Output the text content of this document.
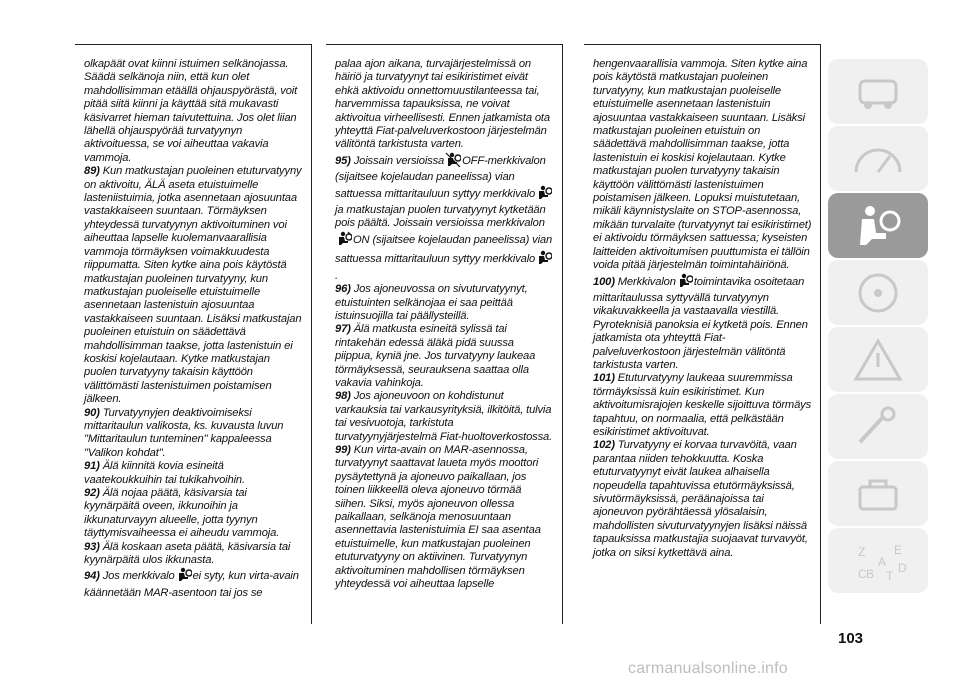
olkapäät ovat kiinni istuimen selkänojassa. Säädä selkänoja niin, että kun olet mahdollisimman etäällä ohjauspyörästä, voit pitää siitä kiinni ja käyttää sitä mukavasti käsivarret hieman taivutettuina. Jos olet liian lähellä ohjauspyörää turvatyynyn aktivoituessa, se voi aiheuttaa vakavia vammoja.

89) Kun matkustajan puoleinen etuturvatyyny on aktivoitu, ÄLÄ aseta etuistuimelle lasteniistuimia, jotka asennetaan ajosuuntaa vastakkaiseen suuntaan. Törmäyksen yhteydessä turvatyynyn aktivoituminen voi aiheuttaa lapselle kuolemanvaarallisia vammoja törmäyksen voimakkuudesta riippumatta. Siten kytke aina pois käytöstä matkustajan puoleinen turvatyyny, kun matkustajan puoleiselle etuistuimelle asennetaan lastenistuin ajosuuntaa vastakkaiseen suuntaan. Lisäksi matkustajan puoleinen etuistuin on säädettävä mahdollisimman taakse, jotta lastenistuin ei koskisi kojelautaan. Kytke matkustajan puolen turvatyyny takaisin käyttöön välittömästi lastenistuimen poistamisen jälkeen.

90) Turvatyynyjen deaktivoimiseksi mittaritaulun valikosta, ks. kuvausta luvun "Mittaritaulun tunteminen" kappaleessa "Valikon kohdat".

91) Älä kiinnitä kovia esineitä vaatekoukkuihin tai tukikahvoihin.

92) Älä nojaa päätä, käsivarsia tai kyynärpäitä oveen, ikkunoihin ja ikkunaturvayyn alueelle, jotta tyynyn täyttymisvaiheessa ei aiheudu vammoja.

93) Älä koskaan aseta päätä, käsivarsia tai kyynärpäitä ulos ikkunasta.

94) Jos merkkivalo ei syty, kun virta-avain käännetään MAR-asentoon tai jos se

palaa ajon aikana, turvajärjestelmissä on häiriö ja turvatyynyt tai esikiristimet eivät ehkä aktivoidu onnettomuustilanteessa tai, harvemmissa tapauksissa, ne voivat aktivoitua virheellisesti. Ennen jatkamista ota yhteyttä Fiat-palveluverkostoon järjestelmän välitöntä tarkistusta varten.

95) Joissain versioissa OFF-merkkivalon (sijaitsee kojelaudan paneelissa) vian sattuessa mittaritauluun syttyy merkkivalo ja matkustajan puolen turvatyynyt kytketään pois päältä. Joissain versioissa merkkivalonON (sijaitsee kojelaudan paneelissa) vian sattuessa mittaritauluun syttyy merkkivalo.

96) Jos ajoneuvossa on sivuturvatyynyt, etuistuinten selkänojaa ei saa peittää istuinsuojilla tai päällysteillä.

97) Älä matkusta esineitä sylissä tai rintakehän edessä äläkä pidä suussa piippua, kyniä jne. Jos turvatyyny laukeaa törmäyksessä, seurauksena saattaa olla vakavia vahinkoja.

98) Jos ajoneuvoon on kohdistunut varkauksia tai varkausyrityksiä, ilkitöitä, tulvia tai vesivuotoja, tarkistuta turvatyynyjärjestelmä Fiat-huoltoverkostossa.

99) Kun virta-avain on MAR-asennossa, turvatyynyt saattavat laueta myös moottori pysäytettynä ja ajoneuvo paikallaan, jos toinen liikkeellä oleva ajoneuvo törmää siihen. Siksi, myös ajoneuvon ollessa paikallaan, selkänoja menosuuntaan asennettavia lastenistuimia EI saa asentaa etuistuimelle, kun matkustajan puoleinen etuturvatyyny on aktiivinen. Turvatyynyn aktivoituminen mahdollisen törmäyksen yhteydessä voi aiheuttaa lapselle

hengenvaarallisia vammoja. Siten kytke aina pois käytöstä matkustajan puoleinen turvatyyny, kun matkustajan puoleiselle etuistuimelle asennetaan lastenistuin ajosuuntaa vastakkaiseen suuntaan. Lisäksi matkustajan puoleinen etuistuin on säädettävä mahdollisimman taakse, jotta lastenistuin ei koskisi kojelautaan. Kytke matkustajan puolen turvatyyny takaisin käyttöön välittömästi lastenistuimen poistamisen jälkeen. Lopuksi muistutetaan, mikäli käynnistyslaite on STOP-asennossa, mikään turvalaite (turvatyynyt tai esikiristimet) ei aktivoidu törmäyksen sattuessa; kyseisten laitteiden aktivoitumisen puuttumista ei tällöin voida pitää järjestelmän toimintahäiriönä.

100) Merkkivalon toimintavika osoitetaan mittaritaulussa syttyvällä turvatyynyn vikakuvakkeella ja vastaavalla viestillä. Pyroteknisiä panoksia ei kytketä pois. Ennen jatkamista ota yhteyttä Fiat-palveluverkostoon järjestelmän välitöntä tarkistusta varten.

101) Etuturvatyyny laukeaa suuremmissa törmäyksissä kuin esikiristimet. Kun aktivoitumisrajojen keskelle sijoittuva törmäys tapahtuu, on normaalia, että pelkästään esikiristimet aktivoituvat.

102) Turvatyyny ei korvaa turvavöitä, vaan parantaa niiden tehokkuutta. Koska etuturvatyynyt eivät laukea alhaisella nopeudella tapahtuvissa etutörmäyksissä, sivutörmäyksissä, peräänajoissa tai ajoneuvon pyörähtäessä ylösalaisin, mahdollisten sivuturvatyynyjen lisäksi näissä tapauksissa matkustajia suojaavat turvavyöt, jotka on siksi kytkettävä aina.	Z E
A
B
C T
D
103
carmanualsonline.info
